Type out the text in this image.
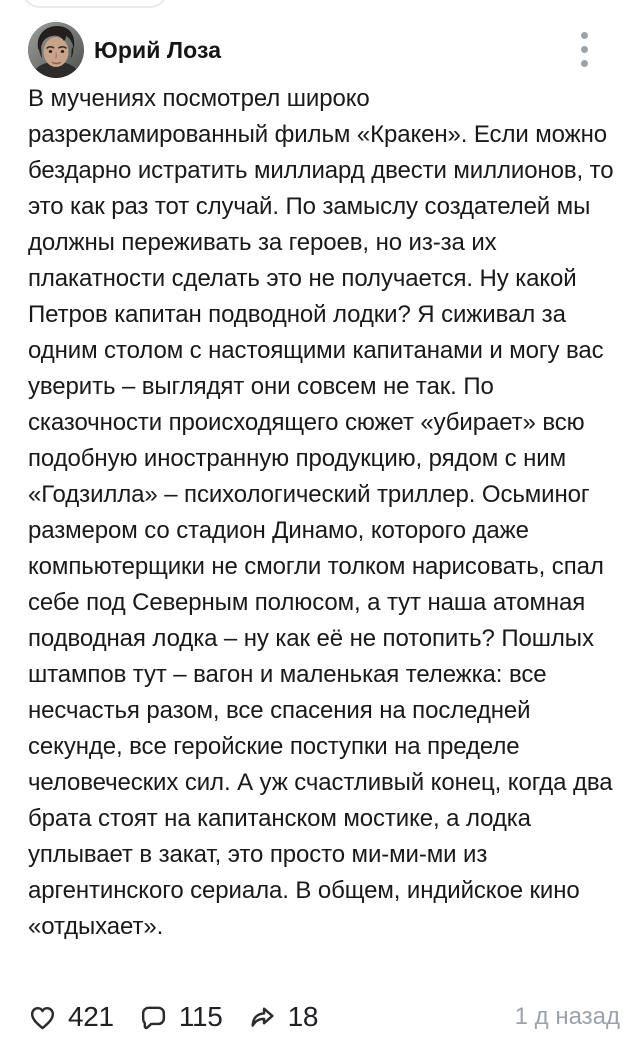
Юрий Лоза
В мучениях посмотрел широко разрекламированный фильм «Кракен». Если можно бездарно истратить миллиард двести миллионов, то это как раз тот случай. По замыслу создателей мы должны переживать за героев, но из-за их плакатности сделать это не получается. Ну какой Петров капитан подводной лодки? Я сиживал за одним столом с настоящими капитанами и могу вас уверить – выглядят они совсем не так. По сказочности происходящего сюжет «убирает» всю подобную иностранную продукцию, рядом с ним «Годзилла» – психологический триллер. Осьминог размером со стадион Динамо, которого даже компьютерщики не смогли толком нарисовать, спал себе под Северным полюсом, а тут наша атомная подводная лодка – ну как её не потопить? Пошлых штампов тут – вагон и маленькая тележка: все несчастья разом, все спасения на последней секунде, все геройские поступки на пределе человеческих сил. А уж счастливый конец, когда два брата стоят на капитанском мостике, а лодка уплывает в закат, это просто ми-ми-ми из аргентинского сериала. В общем, индийское кино «отдыхает».
421 115 18	1 д назад
